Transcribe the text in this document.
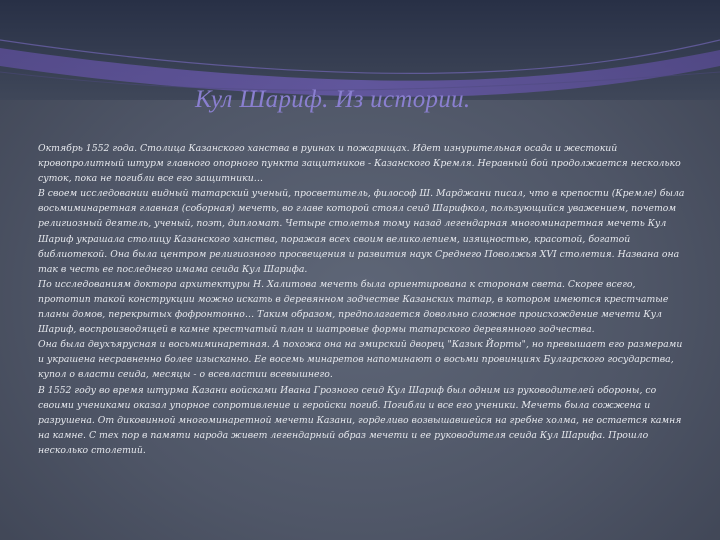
Кул Шариф. Из истории.

Октябрь 1552 года. Столица Казанского ханства в руинах и пожарищах. Идет изнурительная осада и жестокий кровопролитный штурм главного опорного пункта защитников - Казанского Кремля. Неравный бой продолжается несколько суток, пока не погибли все его защитники…

В своем исследовании видный татарский ученый, просветитель, философ Ш. Марджани писал, что в крепости (Кремле) была восьмиминаретная главная (соборная) мечеть, во главе которой стоял сеид Шарифкол, пользующийся уважением, почетом религиозный деятель, ученый, поэт, дипломат. Четыре столетья тому назад легендарная многоминаретная мечеть Кул Шариф украшала столицу Казанского ханства, поражая всех своим великолепием, изящностью, красотой, богатой библиотекой. Она была центром религиозного просвещения и развития наук Среднего Поволжья XVI столетия. Названа она так в честь ее последнего имама сеида Кул Шарифа.

По исследованиям доктора архитектуры Н. Халитова мечеть была ориентирована к сторонам света. Скорее всего, прототип такой конструкции можно искать в деревянном зодчестве Казанских татар, в котором имеются крестчатые планы домов, перекрытых фофронтонно… Таким образом, предполагается довольно сложное происхождение мечети Кул Шариф, воспроизводящей в камне крестчатый план и шатровые формы татарского деревянного зодчества.

Она была двухъярусная и восьмиминаретная. А похожа она на эмирский дворец "Казык Йорты", но превышает его размерами и украшена несравненно более изысканно. Ее восемь минаретов напоминают о восьми провинциях Булгарского государства, купол о власти сеида, месяцы - о всевластии всевышнего.

В 1552 году во время штурма Казани войсками Ивана Грозного сеид Кул Шариф был одним из руководителей обороны, со своими учениками оказал упорное сопротивление и геройски погиб. Погибли и все его ученики. Мечеть была сожжена и разрушена. От диковинной многоминаретной мечети Казани, горделиво возвышавшейся на гребне холма, не остается камня на камне. С тех пор в памяти народа живет легендарный образ мечети и ее руководителя сеида Кул Шарифа. Прошло несколько столетий.
